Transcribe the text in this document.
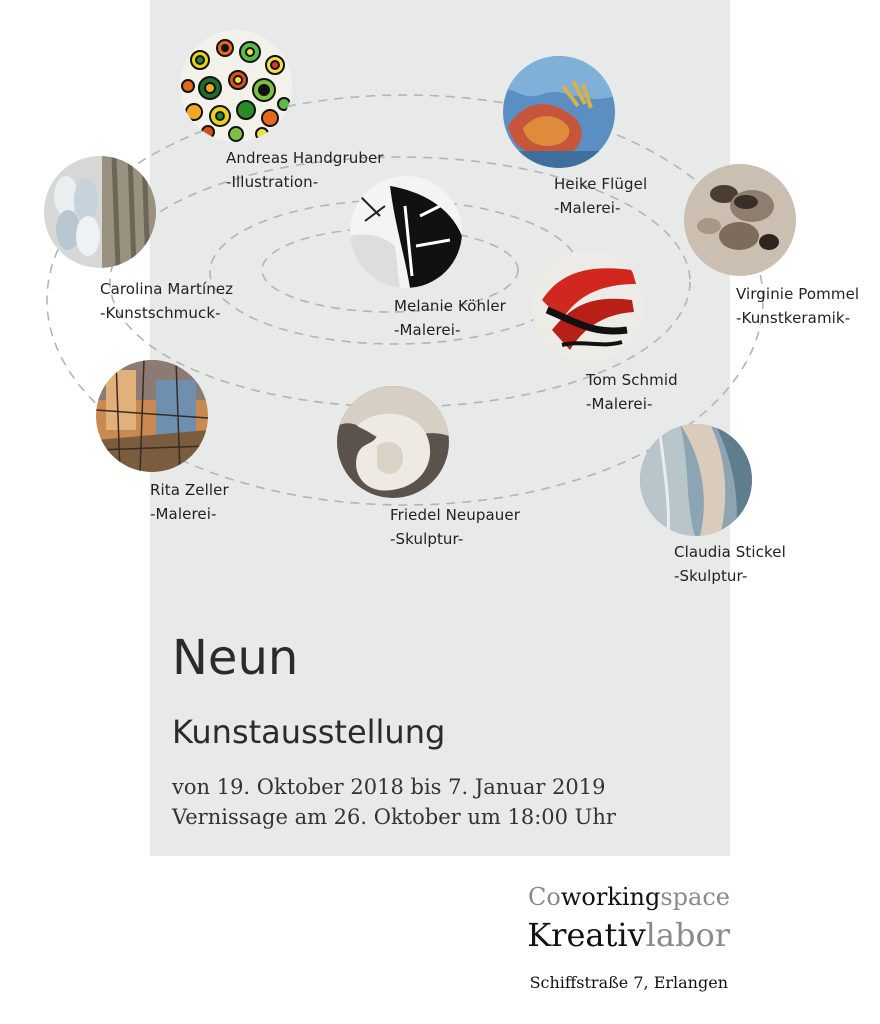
Andreas Handgruber
-Illustration-	Heike Flügel
-Malerei-
Virginie Pommel
-Kunstkeramik-
Carolina Martínez
-Kunstschmuck-	Melanie Köhler
-Malerei-
Tom Schmid
-Malerei-
Rita Zeller
-Malerei-	Friedel Neupauer
-Skulptur-
Claudia Stickel
-Skulptur-
Neun
Kunstausstellung
von 19. Oktober 2018 bis 7. Januar 2019
Vernissage am 26. Oktober um 18:00 Uhr
Coworkingspace
Kreativlabor
Schiffstraße 7, Erlangen
